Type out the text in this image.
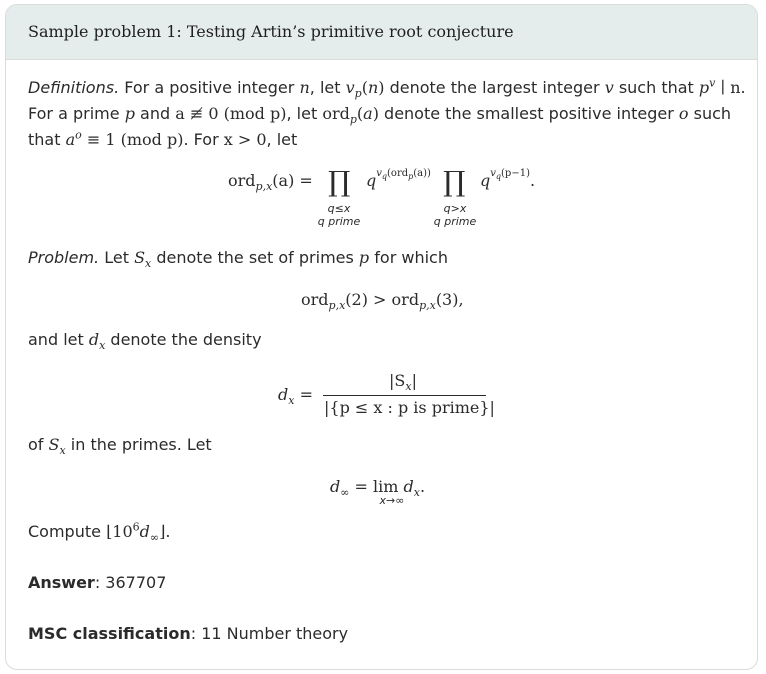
Sample problem 1: Testing Artin’s primitive root conjecture
Definitions. For a positive integer n, let $v_p(n)$ denote the largest integer v such that $p^v$ ∣ n.
For a prime p and a ≢ 0 (mod p), let ord$_p$(a) denote the smallest positive integer o such
that $a^o \equiv 1$ (mod p). For x > 0, let
ord$_{p,x}$(a) = ∏
q≤x
q prime
$q^{v_q(ord_p(a))}$ ∏
q>x
q prime
$q^{v_q(p-1)}$.
Problem. Let $S_x$ denote the set of primes p for which
ord$_{p,x}$(2) > ord$_{p,x}$(3),
and let $d_x$ denote the density
$d_x$ =
$|S_x|$
|{p ≤ x : p is prime}|
of $S_x$ in the primes. Let
$d_\infty = \lim d_x$.
x→∞
Compute $⌊10^6d_\infty⌋$.
Answer: 367707
MSC classification: 11 Number theory
